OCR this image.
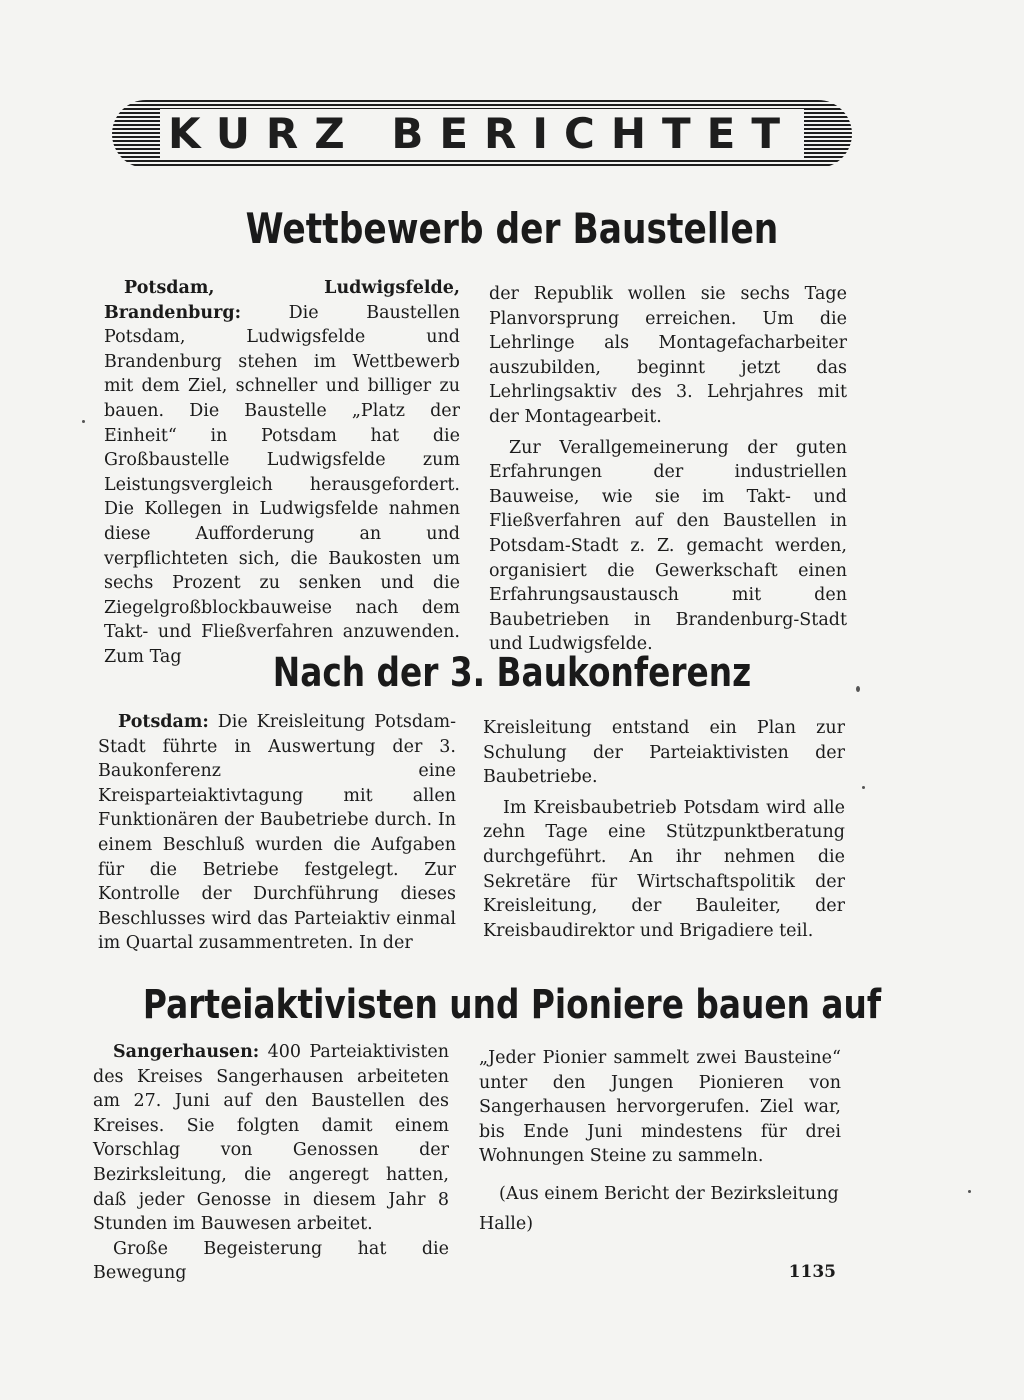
KURZ BERICHTET
Wettbewerb der Baustellen

Potsdam, Ludwigsfelde, Brandenburg:	Die Baustellen Potsdam, Ludwigsfelde und Brandenburg stehen im Wettbewerb mit dem Ziel, schneller und billiger zu bauen. Die Baustelle „Platz der Einheit“ in Potsdam hat die Großbaustelle Ludwigsfelde zum Leistungsvergleich herausgefordert. Die Kollegen in Ludwigsfelde nahmen diese Aufforderung an und verpflichteten sich, die Baukosten um sechs Prozent zu senken und die Ziegelgroßblockbauweise nach dem Takt- und Fließverfahren anzuwenden. Zum Tag

der Republik wollen sie sechs Tage Planvorsprung erreichen. Um die Lehrlinge als Montagefacharbeiter auszubilden, beginnt jetzt das Lehrlingsaktiv des 3. Lehrjahres mit der Montagearbeit.

Zur Verallgemeinerung der guten Erfahrungen der industriellen Bauweise, wie sie im Takt- und Fließverfahren auf den Baustellen in Potsdam-Stadt z. Z. gemacht werden, organisiert die Gewerkschaft einen Erfahrungsaustausch mit den Baubetrieben in Brandenburg-Stadt und Ludwigsfelde.

Nach der 3. Baukonferenz

Potsdam: Die Kreisleitung Potsdam-Stadt führte in Auswertung der 3. Baukonferenz eine Kreisparteiaktivtagung mit allen Funktionären der Baubetriebe durch. In einem Beschluß wurden die Aufgaben für die Betriebe festgelegt. Zur Kontrolle der Durchführung dieses Beschlusses wird das Parteiaktiv einmal im Quartal zusammentreten. In der

Kreisleitung entstand ein Plan zur Schulung der Parteiaktivisten der Baubetriebe.

Im Kreisbaubetrieb Potsdam wird alle zehn Tage eine Stützpunktberatung durchgeführt. An ihr nehmen die Sekretäre für Wirtschaftspolitik der Kreisleitung, der Bauleiter, der Kreisbaudirektor und Brigadiere teil.

Parteiaktivisten und Pioniere bauen auf

Sangerhausen: 400 Parteiaktivisten des Kreises Sangerhausen arbeiteten am 27. Juni auf den Baustellen des Kreises. Sie folgten damit einem Vorschlag von Genossen der Bezirksleitung, die angeregt hatten, daß jeder Genosse in diesem Jahr 8 Stunden im Bauwesen arbeitet.

Große Begeisterung hat die Bewegung

„Jeder Pionier sammelt zwei Bausteine“ unter den Jungen Pionieren von Sangerhausen hervorgerufen. Ziel war, bis Ende Juni mindestens für drei Wohnungen Steine zu sammeln.

(Aus einem Bericht der Bezirksleitung Halle)

1135
